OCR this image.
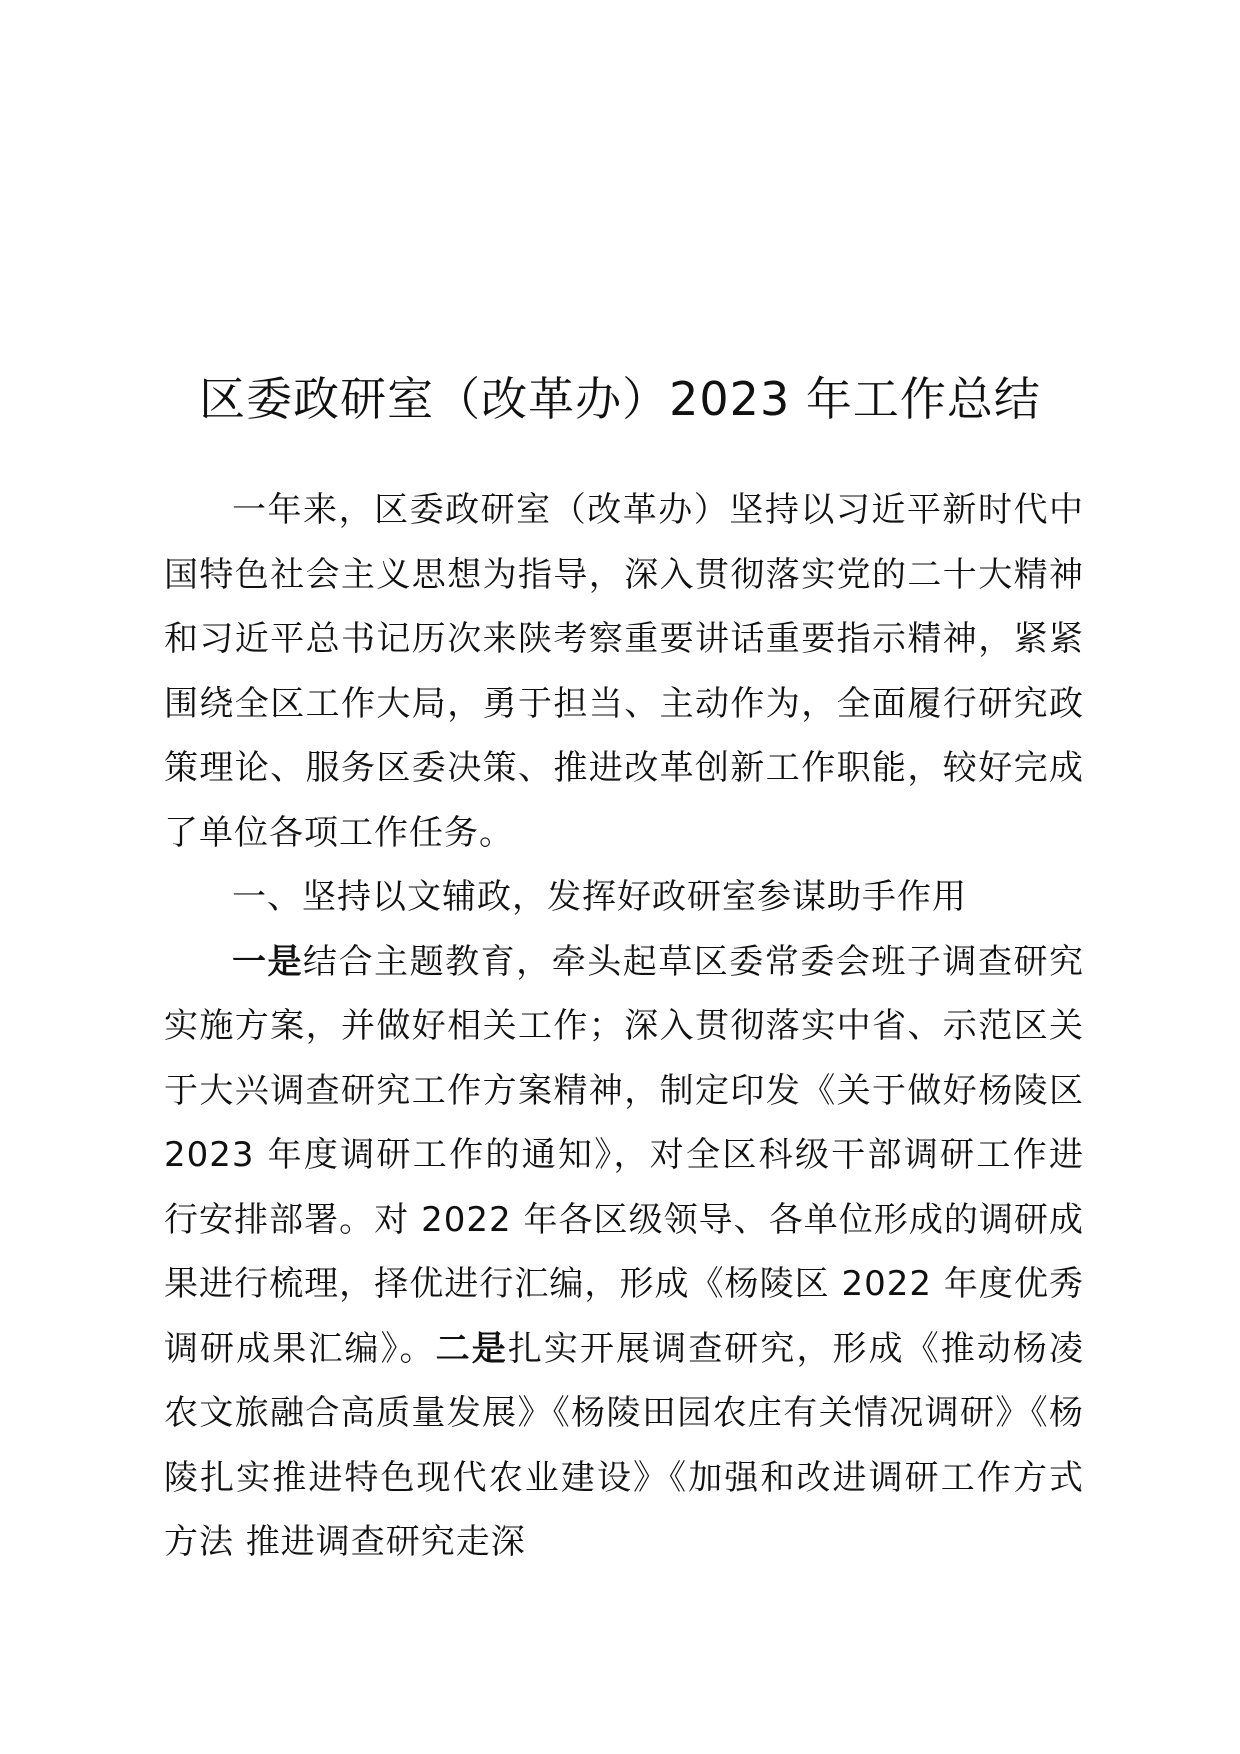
区委政研室（改革办）2023 年工作总结

一年来，区委政研室（改革办）坚持以习近平新时代中国特色社会主义思想为指导，深入贯彻落实党的二十大精神和习近平总书记历次来陕考察重要讲话重要指示精神，紧紧围绕全区工作大局，勇于担当、主动作为，全面履行研究政策理论、服务区委决策、推进改革创新工作职能，较好完成了单位各项工作任务。

一、坚持以文辅政，发挥好政研室参谋助手作用

一是结合主题教育，牵头起草区委常委会班子调查研究实施方案，并做好相关工作；深入贯彻落实中省、示范区关于大兴调查研究工作方案精神，制定印发《关于做好杨陵区 2023 年度调研工作的通知》，对全区科级干部调研工作进行安排部署。对 2022 年各区级领导、各单位形成的调研成果进行梳理，择优进行汇编，形成《杨陵区 2022 年度优秀调研成果汇编》。二是扎实开展调查研究，形成《推动杨凌农文旅融合高质量发展》《杨陵田园农庄有关情况调研》《杨陵扎实推进特色现代农业建设》《加强和改进调研工作方式方法 推进调查研究走深
